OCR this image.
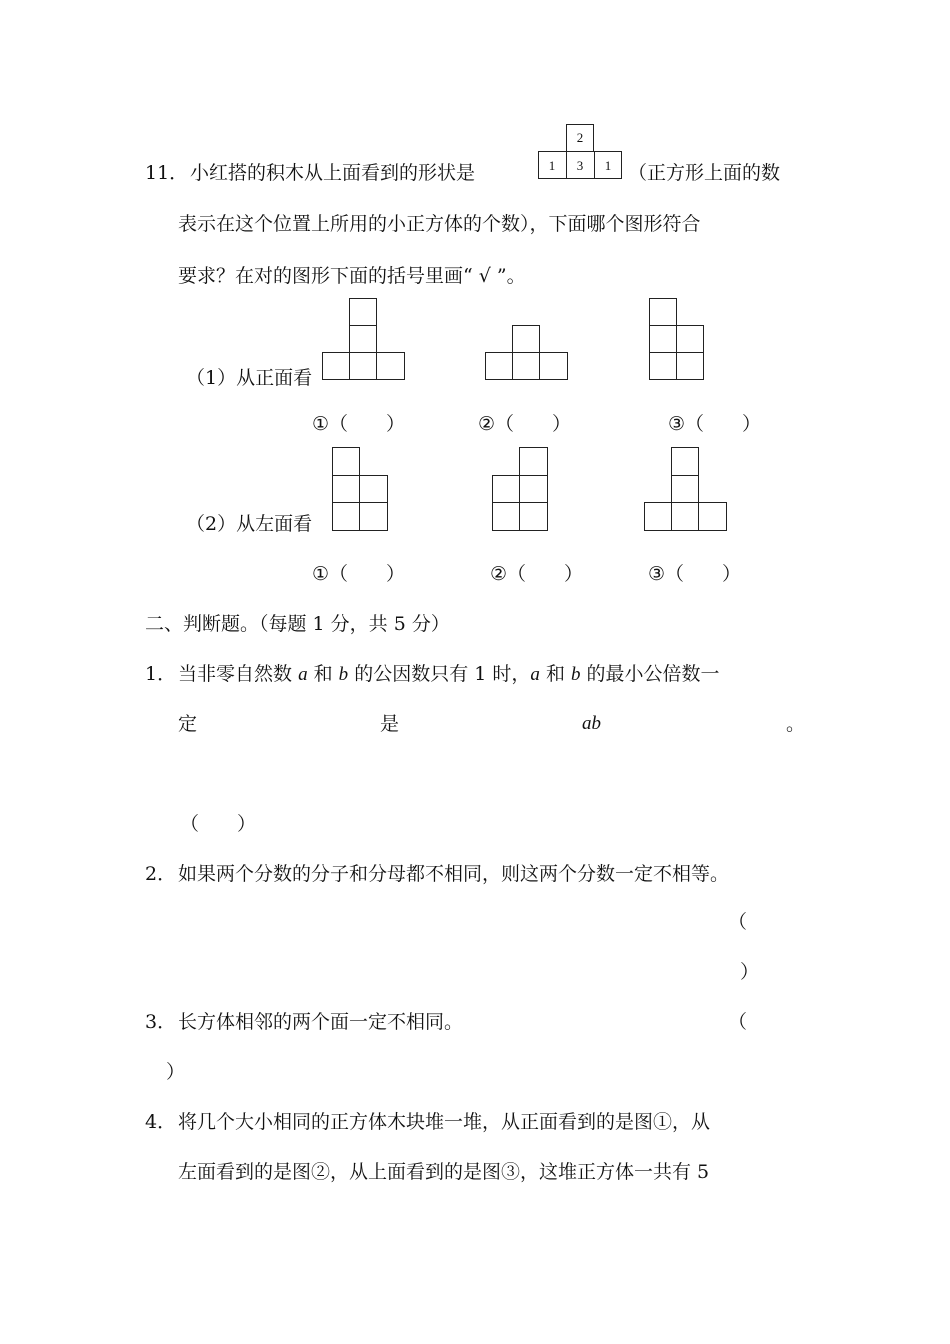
11． 小红搭的积木从上面看到的形状是
2
1	3	1 （正方形上面的数
表示在这个位置上所用的小正方体的个数），下面哪个图形符合
要求？在对的图形下面的括号里画“ √ ”。
（1）从正面看
①（　　）	②（　　）	③（　　）
（2）从左面看
①（　　）	②（　　）	③（　　）
二、判断题。（每题 1 分，共 5 分）
1． 当非零自然数 a 和 b 的公因数只有 1 时，a 和 b 的最小公倍数一
定	是	ab	。
（　　）
2． 如果两个分数的分子和分母都不相同，则这两个分数一定不相等。
（
）
3． 长方体相邻的两个面一定不相同。	（
）
4． 将几个大小相同的正方体木块堆一堆，从正面看到的是图①，从
左面看到的是图②，从上面看到的是图③，这堆正方体一共有 5
